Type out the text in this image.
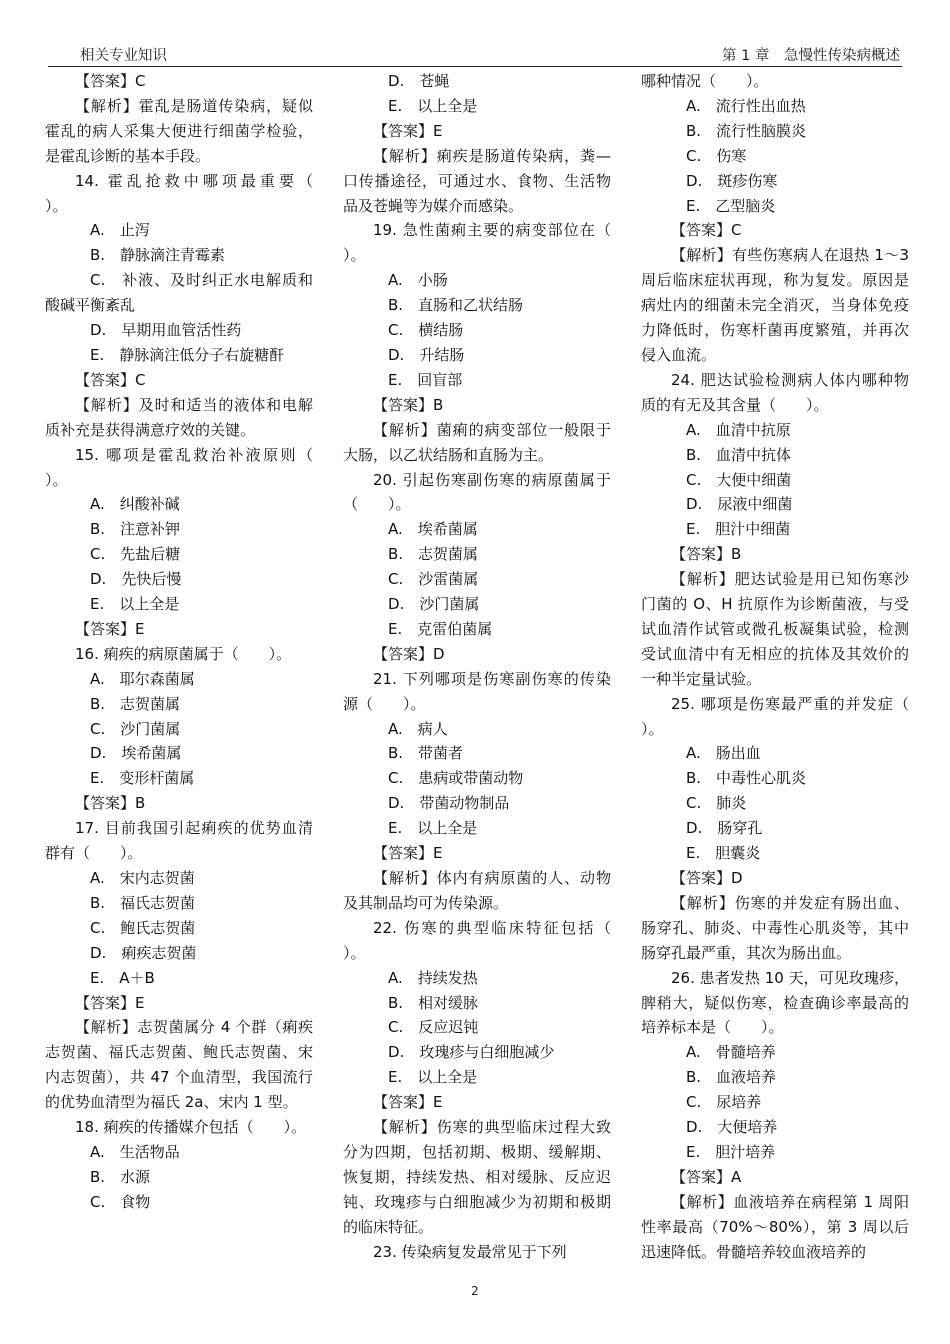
相关专业知识	第 1 章　急慢性传染病概述

【答案】C

【解析】霍乱是肠道传染病，疑似霍乱的病人采集大便进行细菌学检验，是霍乱诊断的基本手段。

14. 霍乱抢救中哪项最重要（　　）。

A.　止泻

B.　静脉滴注青霉素

C.　补液、及时纠正水电解质和酸碱平衡紊乱

D.　早期用血管活性药

E.　静脉滴注低分子右旋糖酐

【答案】C

【解析】及时和适当的液体和电解质补充是获得满意疗效的关键。

15. 哪项是霍乱救治补液原则（　　）。

A.　纠酸补碱

B.　注意补钾

C.　先盐后糖

D.　先快后慢

E.　以上全是

【答案】E

16. 痢疾的病原菌属于（　　）。

A.　耶尔森菌属

B.　志贺菌属

C.　沙门菌属

D.　埃希菌属

E.　变形杆菌属

【答案】B

17. 目前我国引起痢疾的优势血清群有（　　）。

A.　宋内志贺菌

B.　福氏志贺菌

C.　鲍氏志贺菌

D.　痢疾志贺菌

E.　A＋B

【答案】E

【解析】志贺菌属分 4 个群（痢疾志贺菌、福氏志贺菌、鲍氏志贺菌、宋内志贺菌），共 47 个血清型，我国流行的优势血清型为福氏 2a、宋内 1 型。

18. 痢疾的传播媒介包括（　　）。

A.　生活物品

B.　水源

C.　食物

D.　苍蝇

E.　以上全是

【答案】E

【解析】痢疾是肠道传染病，粪—口传播途径，可通过水、食物、生活物品及苍蝇等为媒介而感染。

19. 急性菌痢主要的病变部位在（　　）。

A.　小肠

B.　直肠和乙状结肠

C.　横结肠

D.　升结肠

E.　回盲部

【答案】B

【解析】菌痢的病变部位一般限于大肠，以乙状结肠和直肠为主。

20. 引起伤寒副伤寒的病原菌属于（　　）。

A.　埃希菌属

B.　志贺菌属

C.　沙雷菌属

D.　沙门菌属

E.　克雷伯菌属

【答案】D

21. 下列哪项是伤寒副伤寒的传染源（　　）。

A.　病人

B.　带菌者

C.　患病或带菌动物

D.　带菌动物制品

E.　以上全是

【答案】E

【解析】体内有病原菌的人、动物及其制品均可为传染源。

22. 伤寒的典型临床特征包括（　　）。

A.　持续发热

B.　相对缓脉

C.　反应迟钝

D.　玫瑰疹与白细胞减少

E.　以上全是

【答案】E

【解析】伤寒的典型临床过程大致分为四期，包括初期、极期、缓解期、恢复期，持续发热、相对缓脉、反应迟钝、玫瑰疹与白细胞减少为初期和极期的临床特征。

23. 传染病复发最常见于下列

哪种情况（　　）。

A.　流行性出血热

B.　流行性脑膜炎

C.　伤寒

D.　斑疹伤寒

E.　乙型脑炎

【答案】C

【解析】有些伤寒病人在退热 1～3 周后临床症状再现，称为复发。原因是病灶内的细菌未完全消灭，当身体免疫力降低时，伤寒杆菌再度繁殖，并再次侵入血流。

24. 肥达试验检测病人体内哪种物质的有无及其含量（　　）。

A.　血清中抗原

B.　血清中抗体

C.　大便中细菌

D.　尿液中细菌

E.　胆汁中细菌

【答案】B

【解析】肥达试验是用已知伤寒沙门菌的 O、H 抗原作为诊断菌液，与受试血清作试管或微孔板凝集试验，检测受试血清中有无相应的抗体及其效价的一种半定量试验。

25. 哪项是伤寒最严重的并发症（　　）。

A.　肠出血

B.　中毒性心肌炎

C.　肺炎

D.　肠穿孔

E.　胆囊炎

【答案】D

【解析】伤寒的并发症有肠出血、肠穿孔、肺炎、中毒性心肌炎等，其中肠穿孔最严重，其次为肠出血。

26. 患者发热 10 天，可见玫瑰疹，脾稍大，疑似伤寒，检查确诊率最高的培养标本是（　　）。

A.　骨髓培养

B.　血液培养

C.　尿培养

D.　大便培养

E.　胆汁培养

【答案】A

【解析】血液培养在病程第 1 周阳性率最高（70%～80%），第 3 周以后迅速降低。骨髓培养较血液培养的

2
